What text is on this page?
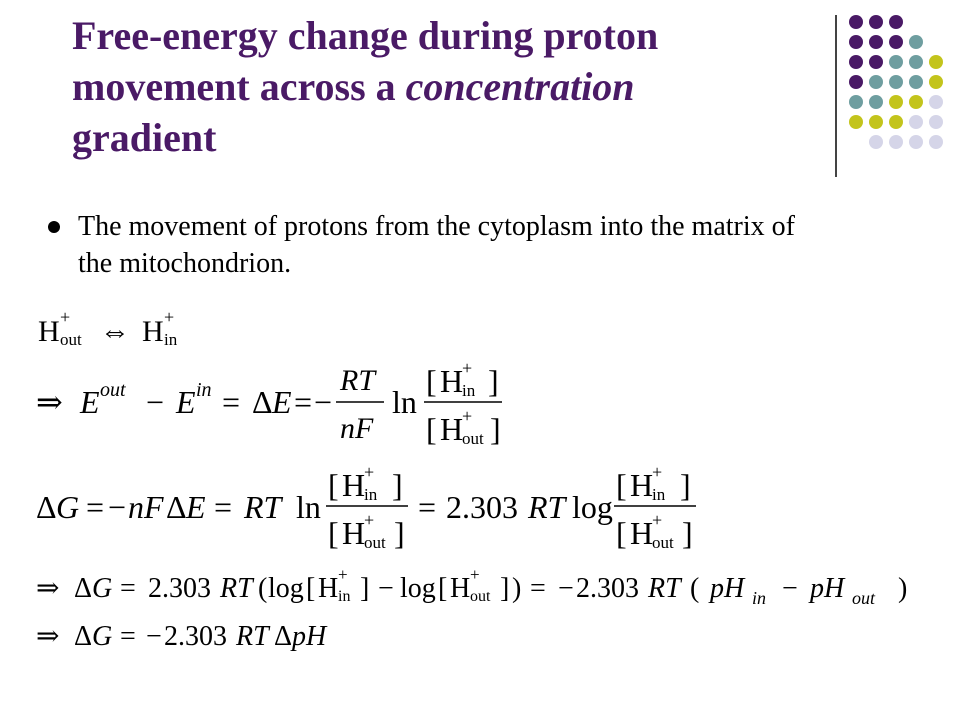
Free-energy change during proton
movement across a concentration
gradient
The movement of protons from the cytoplasm into the matrix of the mitochondrion.
H +
out ⇔ H +
in
⇒ E out − E in = Δ E = −
RT
nF
ln
[ H
+
in ]
[ H
+
out ]
Δ G = − nF Δ E = RT ln
[ H
+
in ]
[ H
+
out ]
= 2.303 RT log
[ H
+
in ]
[ H
+
out ]
⇒ Δ G = 2.303 RT ( log [ H +
in ] − log [ H +
out ] ) = − 2.303 RT ( pH in − pH out )
⇒ Δ G = − 2.303 RT Δ pH
